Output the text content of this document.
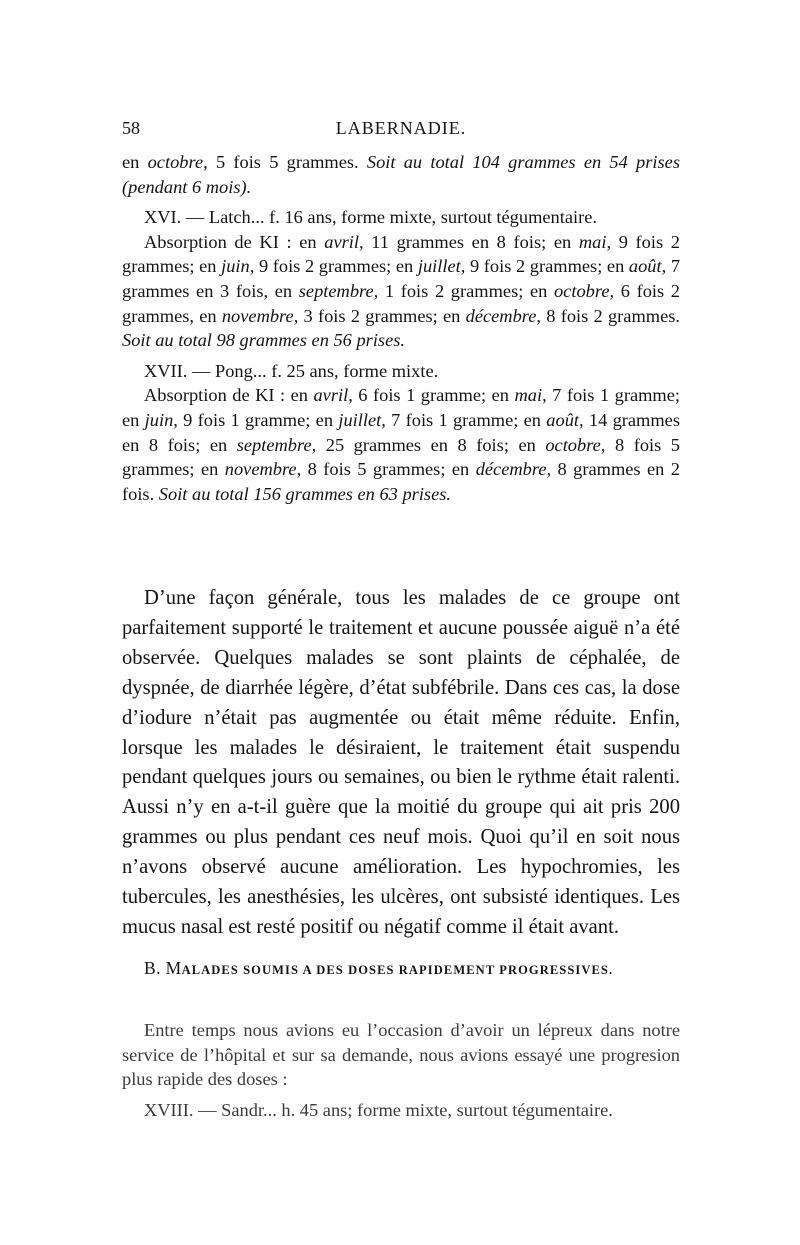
58	LABERNADIE.

en octobre, 5 fois 5 grammes. Soit au total 104 grammes en 54 prises (pendant 6 mois).

XVI. — Latch... f. 16 ans, forme mixte, surtout tégumentaire.

Absorption de KI : en avril, 11 grammes en 8 fois; en mai, 9 fois 2 grammes; en juin, 9 fois 2 grammes; en juillet, 9 fois 2 grammes; en août, 7 grammes en 3 fois, en septembre, 1 fois 2 grammes; en octobre, 6 fois 2 grammes, en novembre, 3 fois 2 grammes; en décembre, 8 fois 2 grammes. Soit au total 98 grammes en 56 prises.

XVII. — Pong... f. 25 ans, forme mixte.

Absorption de KI : en avril, 6 fois 1 gramme; en mai, 7 fois 1 gramme; en juin, 9 fois 1 gramme; en juillet, 7 fois 1 gramme; en août, 14 grammes en 8 fois; en septembre, 25 grammes en 8 fois; en octobre, 8 fois 5 grammes; en novembre, 8 fois 5 grammes; en décembre, 8 grammes en 2 fois. Soit au total 156 grammes en 63 prises.

D’une façon générale, tous les malades de ce groupe ont parfaitement supporté le traitement et aucune poussée aiguë n’a été observée. Quelques malades se sont plaints de céphalée, de dyspnée, de diarrhée légère, d’état subfébrile. Dans ces cas, la dose d’iodure n’était pas augmentée ou était même réduite. Enfin, lorsque les malades le désiraient, le traitement était suspendu pendant quelques jours ou semaines, ou bien le rythme était ralenti. Aussi n’y en a-t-il guère que la moitié du groupe qui ait pris 200 grammes ou plus pendant ces neuf mois. Quoi qu’il en soit nous n’avons observé aucune amélioration. Les hypochromies, les tubercules, les anesthésies, les ulcères, ont subsisté identiques. Les mucus nasal est resté positif ou négatif comme il était avant.

B. MALADES SOUMIS A DES DOSES RAPIDEMENT PROGRESSIVES.

Entre temps nous avions eu l’occasion d’avoir un lépreux dans notre service de l’hôpital et sur sa demande, nous avions essayé une progresion plus rapide des doses :

XVIII. — Sandr... h. 45 ans; forme mixte, surtout tégumentaire.
